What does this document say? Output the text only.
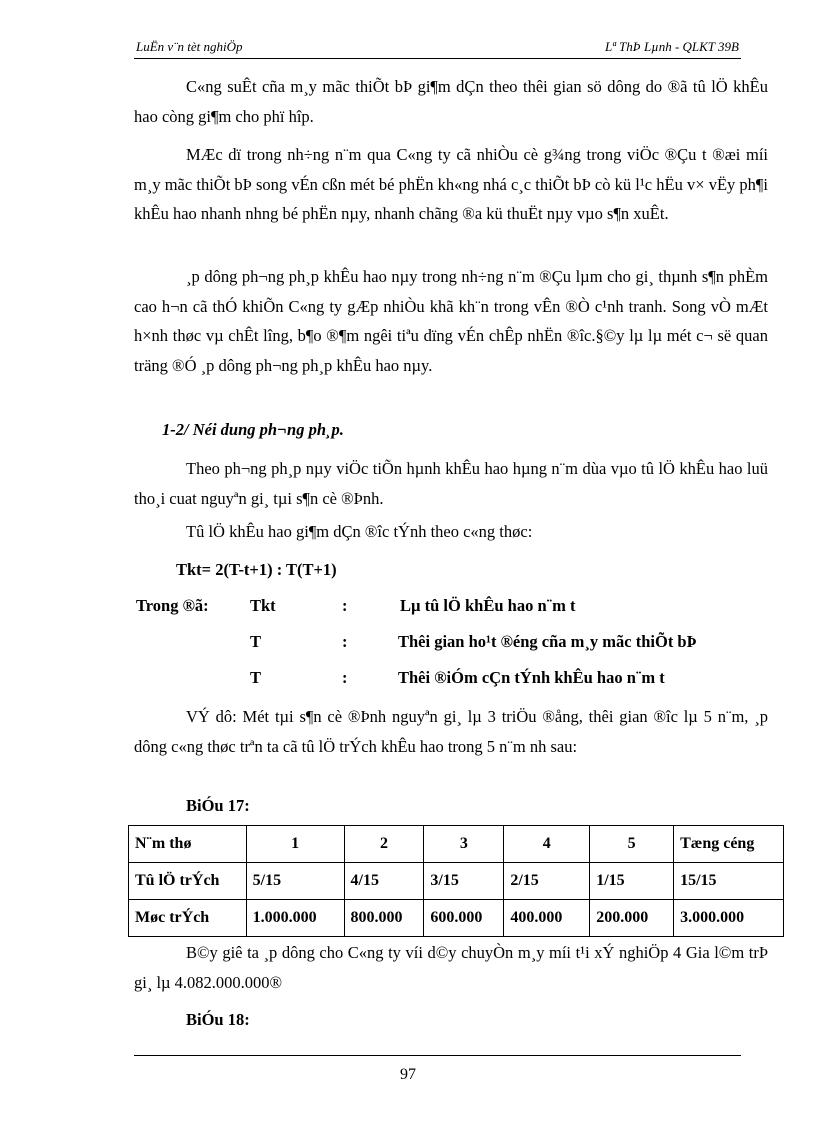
LuËn v¨n tèt nghiÖp	Lª ThÞ Lµnh - QLKT 39B

C«ng suÊt cña m¸y mãc thiÕt bÞ gi¶m dÇn theo thêi gian sö dông do ®ã tû lÖ khÊu hao còng gi¶m cho phï hîp.

MÆc dï trong nh÷ng n¨m qua C«ng ty cã nhiÒu cè g¾ng trong viÖc ®Çu t ®æi míi m¸y mãc thiÕt bÞ song vÉn cßn mét bé phËn kh«ng nhá c¸c thiÕt bÞ cò kü l¹c hËu v× vËy ph¶i khÊu hao nhanh nhng bé phËn nµy, nhanh chãng ®a kü thuËt nµy vµo s¶n xuÊt.

¸p dông ph¬ng ph¸p khÊu hao nµy trong nh÷ng n¨m ®Çu lµm cho gi¸ thµnh s¶n phÈm cao h¬n cã thÓ khiÕn C«ng ty gÆp nhiÒu khã kh¨n trong vÊn ®Ò c¹nh tranh. Song vÒ mÆt h×nh thøc vµ chÊt lîng, b¶o ®¶m ngêi tiªu dïng vÉn chÊp nhËn ®îc.§©y lµ lµ mét c¬ së quan träng ®Ó ¸p dông ph¬ng ph¸p khÊu hao nµy.

1-2/ Néi dung ph¬ng ph¸p.

Theo ph¬ng ph¸p nµy viÖc tiÕn hµnh khÊu hao hµng n¨m dùa vµo tû lÖ khÊu hao luü tho¸i cuat nguyªn gi¸ tµi s¶n cè ®Þnh.

Tû lÖ khÊu hao gi¶m dÇn ®îc tÝnh theo c«ng thøc:
Tkt= 2(T-t+1) : T(T+1)
Trong ®ã:	Tkt	:	Lµ tû lÖ khÊu hao n¨m t
T	:	Thêi gian ho¹t ®éng cña m¸y mãc thiÕt bÞ
T	:	Thêi ®iÓm cÇn tÝnh khÊu hao n¨m t

VÝ dô: Mét tµi s¶n cè ®Þnh nguyªn gi¸ lµ 3 triÖu ®ång, thêi gian ®îc lµ 5 n¨m, ¸p dông c«ng thøc trªn ta cã tû lÖ trÝch khÊu hao trong 5 n¨m nh sau:

BiÓu 17:
N¨m thø	1	2	3	4	5	Tæng céng
Tû lÖ trÝch	5/15	4/15	3/15	2/15	1/15	15/15
Møc trÝch	1.000.000	800.000	600.000	400.000	200.000	3.000.000

B©y giê ta ¸p dông cho C«ng ty víi d©y chuyÒn m¸y míi t¹i xÝ nghiÖp 4 Gia l©m trÞ gi¸ lµ 4.082.000.000®

BiÓu 18:
97
